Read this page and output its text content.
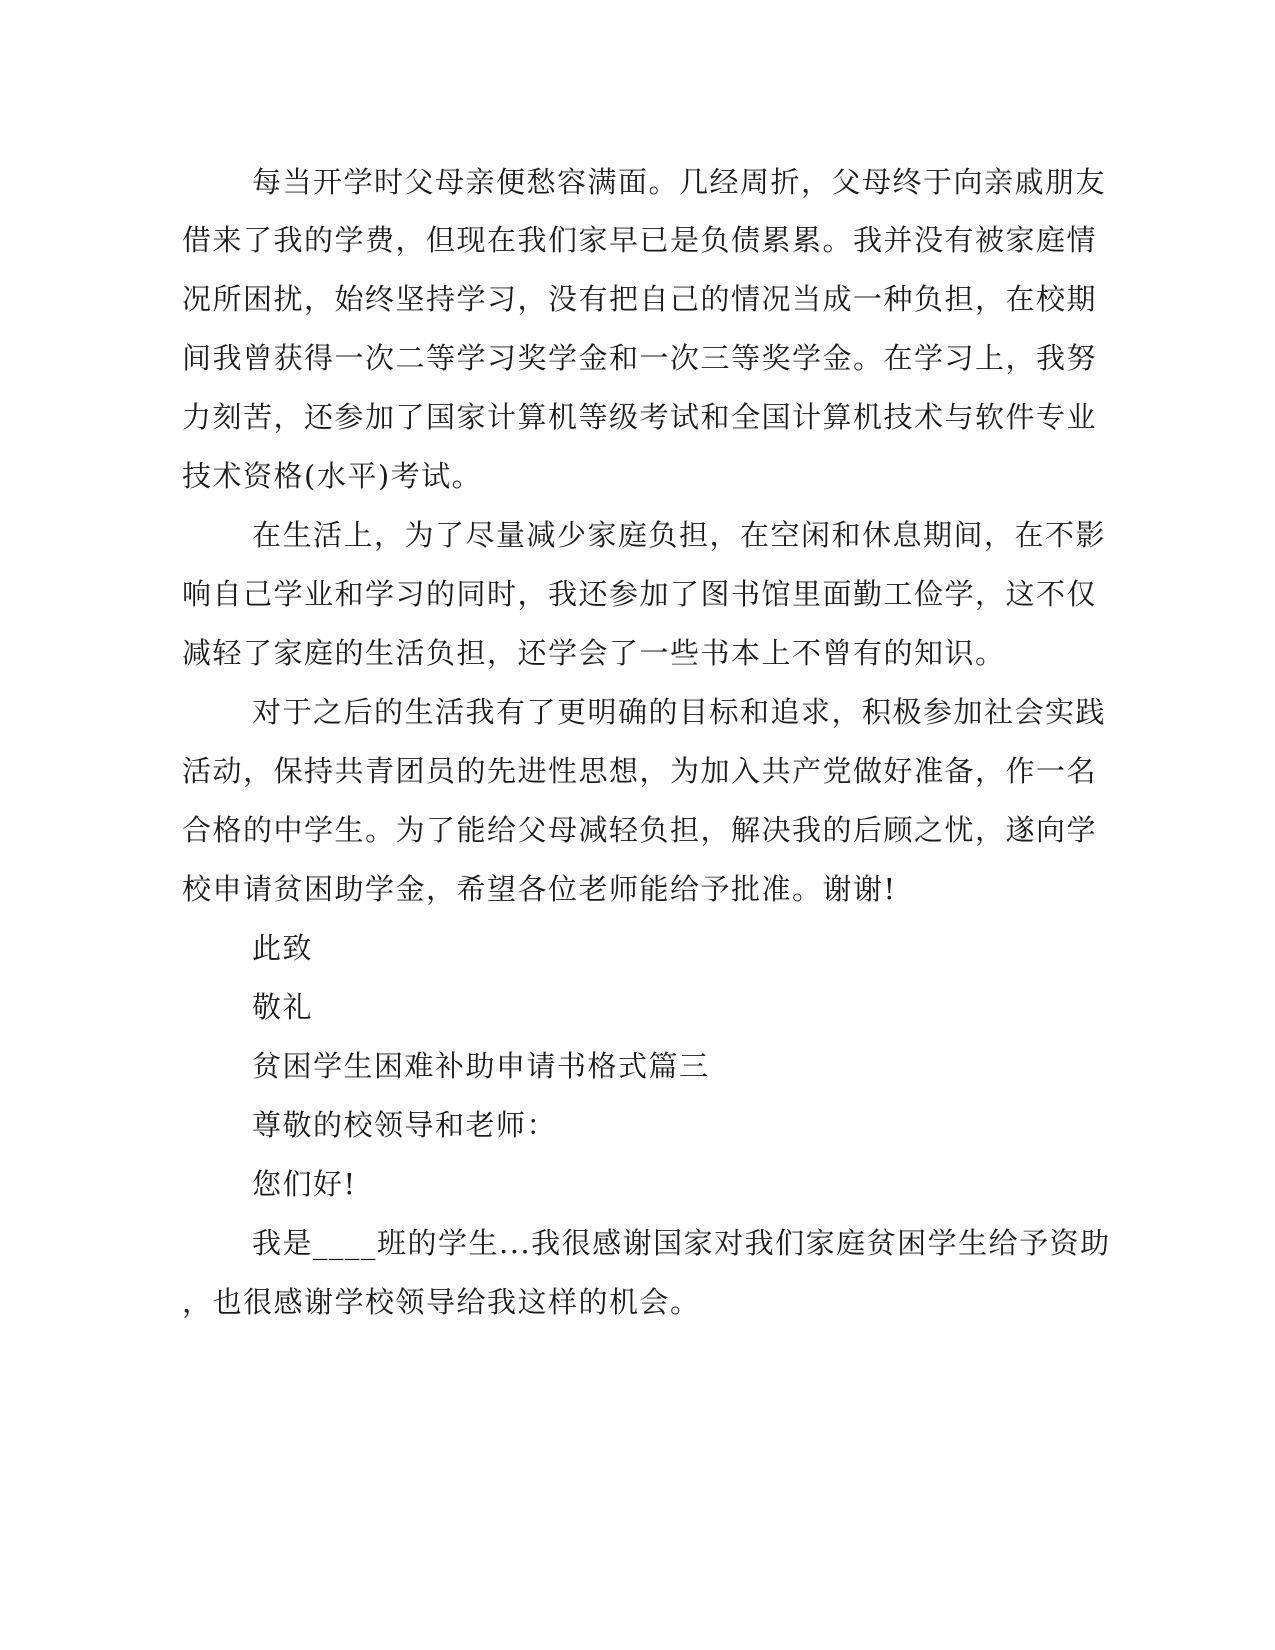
每当开学时父母亲便愁容满面。几经周折，父母终于向亲戚朋友
借来了我的学费，但现在我们家早已是负债累累。我并没有被家庭情
况所困扰，始终坚持学习，没有把自己的情况当成一种负担，在校期
间我曾获得一次二等学习奖学金和一次三等奖学金。在学习上，我努
力刻苦，还参加了国家计算机等级考试和全国计算机技术与软件专业
技术资格(水平)考试。
在生活上，为了尽量减少家庭负担，在空闲和休息期间，在不影
响自己学业和学习的同时，我还参加了图书馆里面勤工俭学，这不仅
减轻了家庭的生活负担，还学会了一些书本上不曾有的知识。
对于之后的生活我有了更明确的目标和追求，积极参加社会实践
活动，保持共青团员的先进性思想，为加入共产党做好准备，作一名
合格的中学生。为了能给父母减轻负担，解决我的后顾之忧，遂向学
校申请贫困助学金，希望各位老师能给予批准。谢谢!
此致
敬礼
贫困学生困难补助申请书格式篇三
尊敬的校领导和老师：
您们好!
我是____班的学生...我很感谢国家对我们家庭贫困学生给予资助
，也很感谢学校领导给我这样的机会。
